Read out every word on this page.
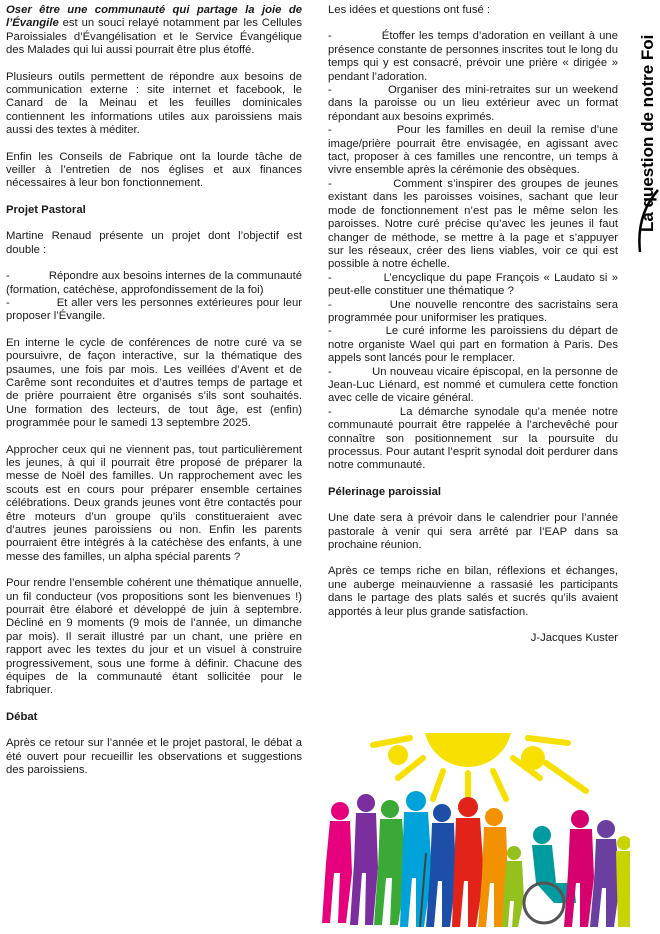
Oser être une communauté qui partage la joie de l’Évangile est un souci relayé notamment par les Cellules Paroissiales d’Évangélisation et le Service Évangélique des Malades qui lui aussi pourrait être plus étoffé.

Plusieurs outils permettent de répondre aux besoins de communication externe : site internet et facebook, le Canard de la Meinau et les feuilles dominicales contiennent les informations utiles aux paroissiens mais aussi des textes à méditer.

Enfin les Conseils de Fabrique ont la lourde tâche de veiller à l’entretien de nos églises et aux finances nécessaires à leur bon fonctionnement.

Projet Pastoral

Martine Renaud présente un projet dont l’objectif est double :

-            Répondre aux besoins internes de la communauté (formation, catéchèse, approfondissement de la foi)
-            Et aller vers les personnes extérieures pour leur proposer l’Évangile.

En interne le cycle de conférences de notre curé va se poursuivre, de façon interactive, sur la thématique des psaumes, une fois par mois. Les veillées d’Avent et de Carême sont reconduites et d’autres temps de partage et de prière pourraient être organisés s’ils sont souhaités. Une formation des lecteurs, de tout âge, est (enfin) programmée pour le samedi 13 septembre 2025.

Approcher ceux qui ne viennent pas, tout particulièrement les jeunes, à qui il pourrait être proposé de préparer la messe de Noël des familles. Un rapprochement avec les scouts est en cours pour préparer ensemble certaines célébrations. Deux grands jeunes vont être contactés pour être moteurs d’un groupe qu’ils constitueraient avec d’autres jeunes paroissiens ou non. Enfin les parents pourraient être intégrés à la catéchèse des enfants, à une messe des familles, un alpha spécial parents ?

Pour rendre l’ensemble cohérent une thématique annuelle, un fil conducteur (vos propositions sont les bienvenues !) pourrait être élaboré et développé de juin à septembre. Décliné en 9 moments (9 mois de l’année, un dimanche par mois). Il serait illustré par un chant, une prière en rapport avec les textes du jour et un visuel à construire progressivement, sous une forme à définir. Chacune des équipes de la communauté étant sollicitée pour le fabriquer.

Débat

Après ce retour sur l’année et le projet pastoral, le débat a été ouvert pour recueillir les observations et suggestions des paroissiens.

Les idées et questions ont fusé :
-            Étoffer les temps d’adoration en veillant à une présence constante de personnes inscrites tout le long du temps qui y est consacré, prévoir une prière « dirigée » pendant l’adoration.
-            Organiser des mini-retraites sur un weekend dans la paroisse ou un lieu extérieur avec un format répondant aux besoins exprimés.
-            Pour les familles en deuil la remise d’une image/prière pourrait être envisagée, en agissant avec tact, proposer à ces familles une rencontre, un temps à vivre ensemble après la cérémonie des obsèques.
-            Comment s’inspirer des groupes de jeunes existant dans les paroisses voisines, sachant que leur mode de fonctionnement n’est pas le même selon les paroisses. Notre curé précise qu’avec les jeunes il faut changer de méthode, se mettre à la page et s’appuyer sur les réseaux, créer des liens viables, voir ce qui est possible à notre échelle.
-            L’encyclique du pape François « Laudato si » peut-elle constituer une thématique ?
-            Une nouvelle rencontre des sacristains sera programmée pour uniformiser les pratiques.
-            Le curé informe les paroissiens du départ de notre organiste Wael qui part en formation à Paris. Des appels sont lancés pour le remplacer.
-            Un nouveau vicaire épiscopal, en la personne de Jean-Luc Liénard, est nommé et cumulera cette fonction avec celle de vicaire général.
-            La démarche synodale qu’a menée notre communauté pourrait être rappelée à l’archevêché pour connaître son positionnement sur la poursuite du processus. Pour autant l’esprit synodal doit perdurer dans notre communauté.
Pélerinage paroissial

Une date sera à prévoir dans le calendrier pour l’année pastorale à venir qui sera arrêté par l’EAP dans sa prochaine réunion.

Après ce temps riche en bilan, réflexions et échanges, une auberge meinauvienne a rassasié les participants dans le partage des plats salés et sucrés qu’ils avaient apportés à leur plus grande satisfaction.

J-Jacques Kuster
La question de notre Foi
